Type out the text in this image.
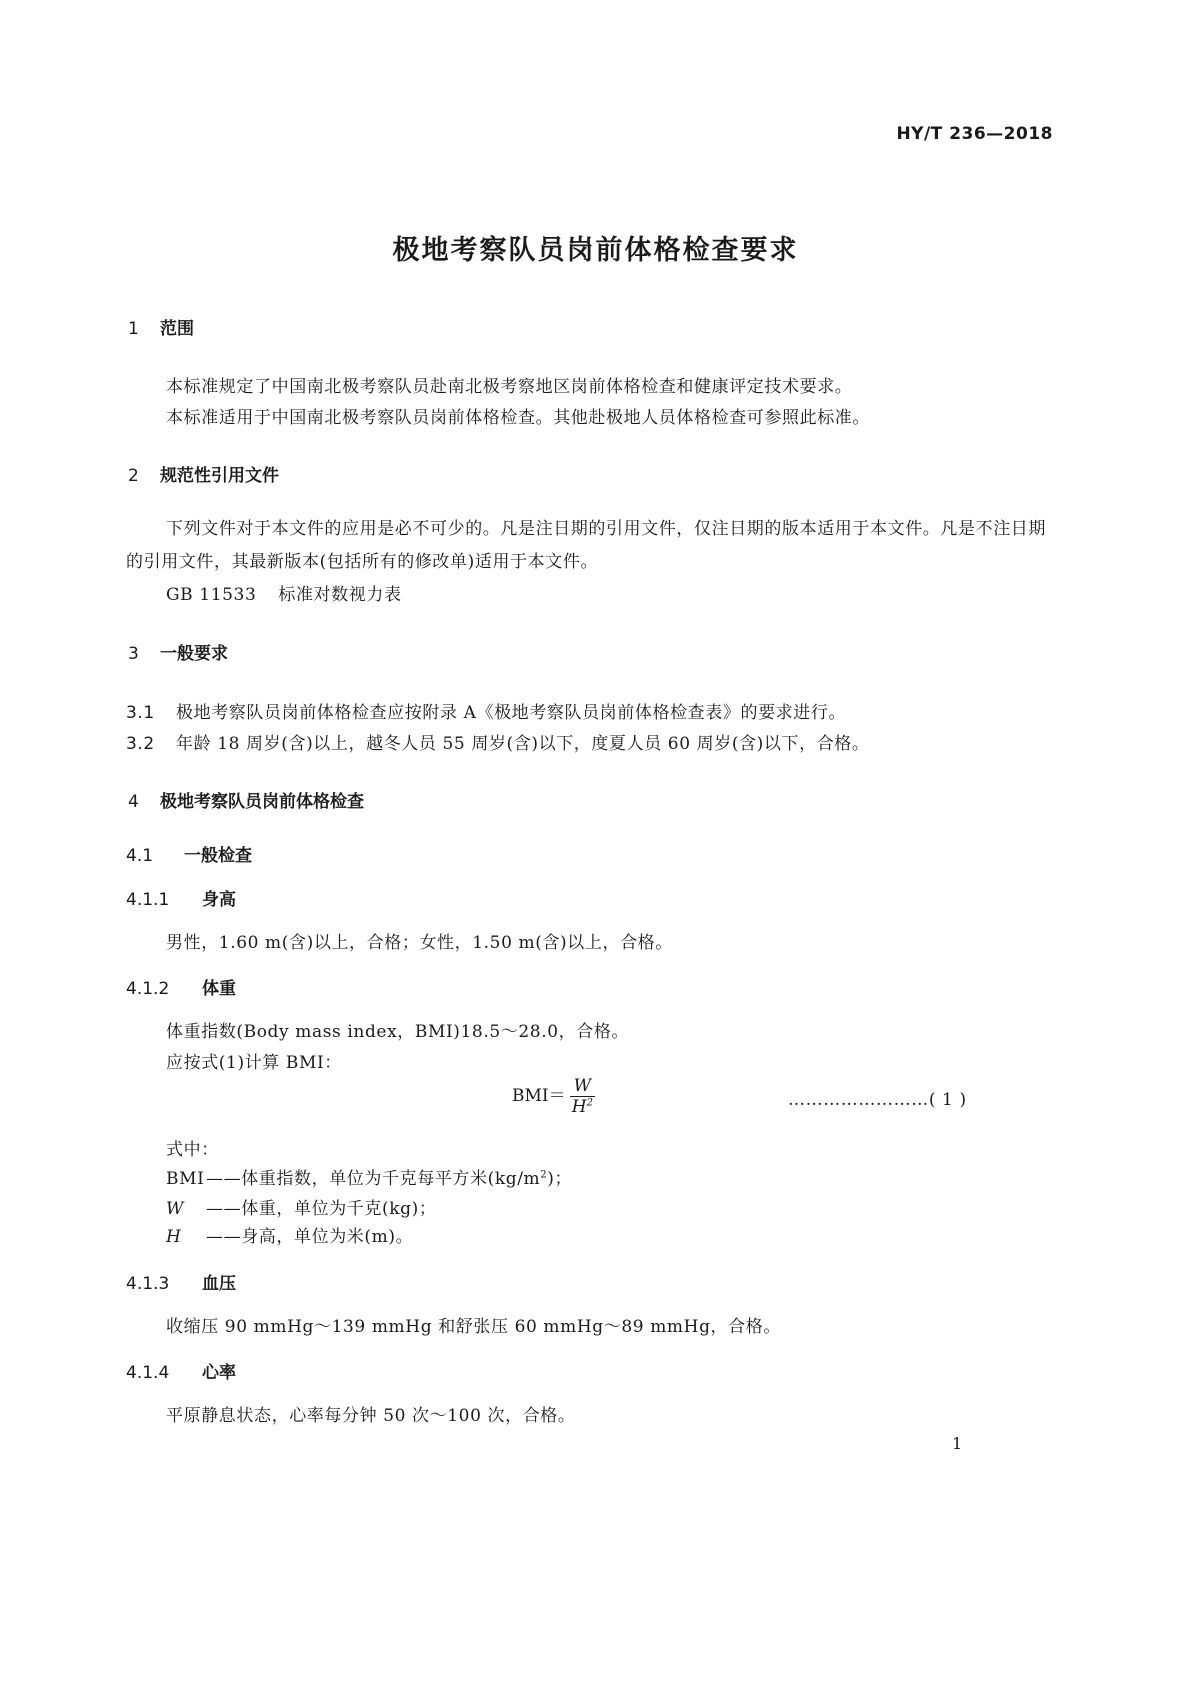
HY/T 236—2018
极地考察队员岗前体格检查要求
1 范围
本标准规定了中国南北极考察队员赴南北极考察地区岗前体格检查和健康评定技术要求。
本标准适用于中国南北极考察队员岗前体格检查。其他赴极地人员体格检查可参照此标准。
2 规范性引用文件
下列文件对于本文件的应用是必不可少的。凡是注日期的引用文件，仅注日期的版本适用于本文件。凡是不注日期的引用文件，其最新版本(包括所有的修改单)适用于本文件。
GB 11533 标准对数视力表
3 一般要求
3.1 极地考察队员岗前体格检查应按附录 A《极地考察队员岗前体格检查表》的要求进行。
3.2 年龄 18 周岁(含)以上，越冬人员 55 周岁(含)以下，度夏人员 60 周岁(含)以下，合格。
4 极地考察队员岗前体格检查
4.1 一般检查
4.1.1 身高
男性，1.60 m(含)以上，合格；女性，1.50 m(含)以上，合格。
4.1.2 体重
体重指数(Body mass index，BMI)18.5～28.0，合格。
应按式(1)计算 BMI：
$BMI= \frac{W}{H^2}$	……………………( 1 )
式中：
BMI——体重指数，单位为千克每平方米$(kg/m^2)$；
W ——体重，单位为千克(kg)；
H ——身高，单位为米(m)。
4.1.3 血压
收缩压 90 mmHg～139 mmHg 和舒张压 60 mmHg～89 mmHg，合格。
4.1.4 心率
平原静息状态，心率每分钟 50 次～100 次，合格。
1
